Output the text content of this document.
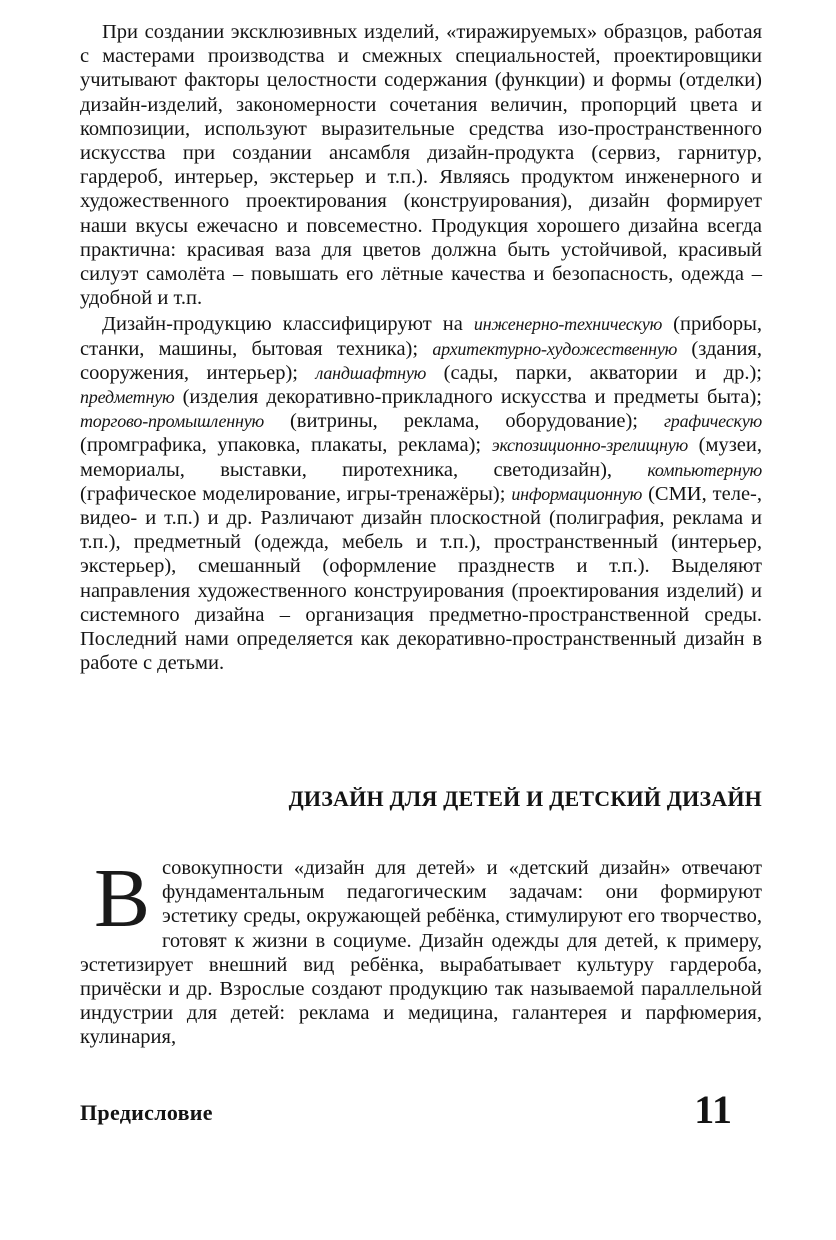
При создании эксклюзивных изделий, «тиражируемых» образцов, работая с мастерами производства и смежных специальностей, проектировщики учитывают факторы целостности содержания (функции) и формы (отделки) дизайн-изделий, закономерности сочетания величин, пропорций цвета и композиции, используют выразительные средства изо-пространственного искусства при создании ансамбля дизайн-продукта (сервиз, гарнитур, гардероб, интерьер, экстерьер и т.п.). Являясь продуктом инженерного и художественного проектирования (конструирования), дизайн формирует наши вкусы ежечасно и повсеместно. Продукция хорошего дизайна всегда практична: красивая ваза для цветов должна быть устойчивой, красивый силуэт самолёта – повышать его лётные качества и безопасность, одежда – удобной и т.п.

Дизайн-продукцию классифицируют на инженерно-техническую (приборы, станки, машины, бытовая техника); архитектурно-художественную (здания, сооружения, интерьер); ландшафтную (сады, парки, акватории и др.); предметную (изделия декоративно-прикладного искусства и предметы быта); торгово-промышленную (витрины, реклама, оборудование); графическую (промграфика, упаковка, плакаты, реклама); экспозиционно-зрелищную (музеи, мемориалы, выставки, пиротехника, светодизайн), компьютерную (графическое моделирование, игры-тренажёры); информационную (СМИ, теле-, видео- и т.п.) и др. Различают дизайн плоскостной (полиграфия, реклама и т.п.), предметный (одежда, мебель и т.п.), пространственный (интерьер, экстерьер), смешанный (оформление празднеств и т.п.). Выделяют направления художественного конструирования (проектирования изделий) и системного дизайна – организация предметно-пространственной среды. Последний нами определяется как декоративно-пространственный дизайн в работе с детьми.

ДИЗАЙН ДЛЯ ДЕТЕЙ И ДЕТСКИЙ ДИЗАЙН

В совокупности «дизайн для детей» и «детский дизайн» отвечают фундаментальным педагогическим задачам: они формируют эстетику среды, окружающей ребёнка, стимулируют его творчество, готовят к жизни в социуме. Дизайн одежды для детей, к примеру, эстетизирует внешний вид ребёнка, вырабатывает культуру гардероба, причёски и др. Взрослые создают продукцию так называемой параллельной индустрии для детей: реклама и медицина, галантерея и парфюмерия, кулинария,

Предисловие	11
